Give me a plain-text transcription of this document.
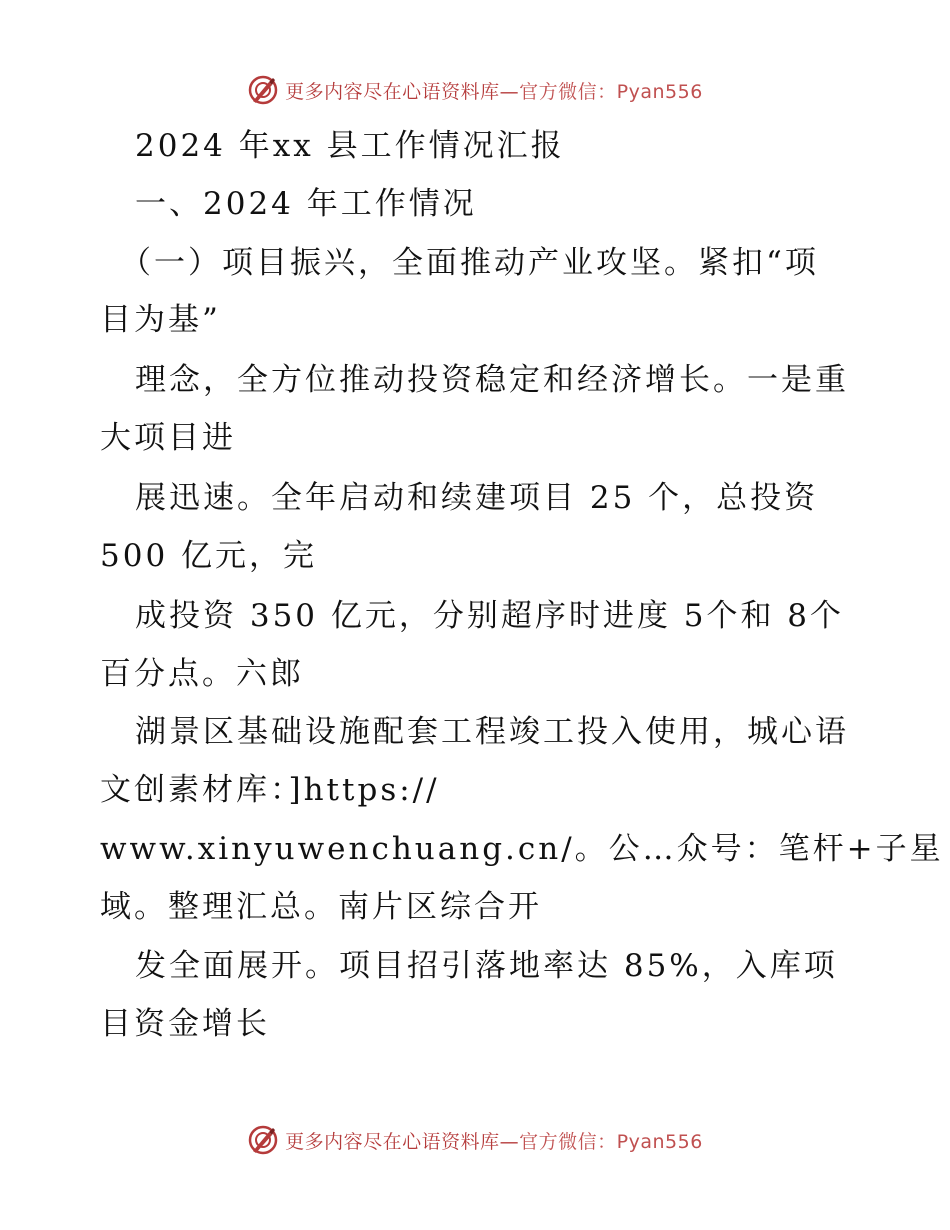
更多内容尽在心语资料库—官方微信：Pyan556
2024 年xx 县工作情况汇报
一、2024 年工作情况
（一）项目振兴，全面推动产业攻坚。紧扣“项
目为基”
理念，全方位推动投资稳定和经济增长。一是重
大项目进
展迅速。全年启动和续建项目 25 个，总投资
500 亿元，完
成投资 350 亿元，分别超序时进度 5个和 8个
百分点。六郎
湖景区基础设施配套工程竣工投入使用，城心语
文创素材库：]https://
www.xinyuwenchuang.cn/。公…众号：笔杆+子星
域。整理汇总。南片区综合开
发全面展开。项目招引落地率达 85%，入库项
目资金增长
更多内容尽在心语资料库—官方微信：Pyan556
